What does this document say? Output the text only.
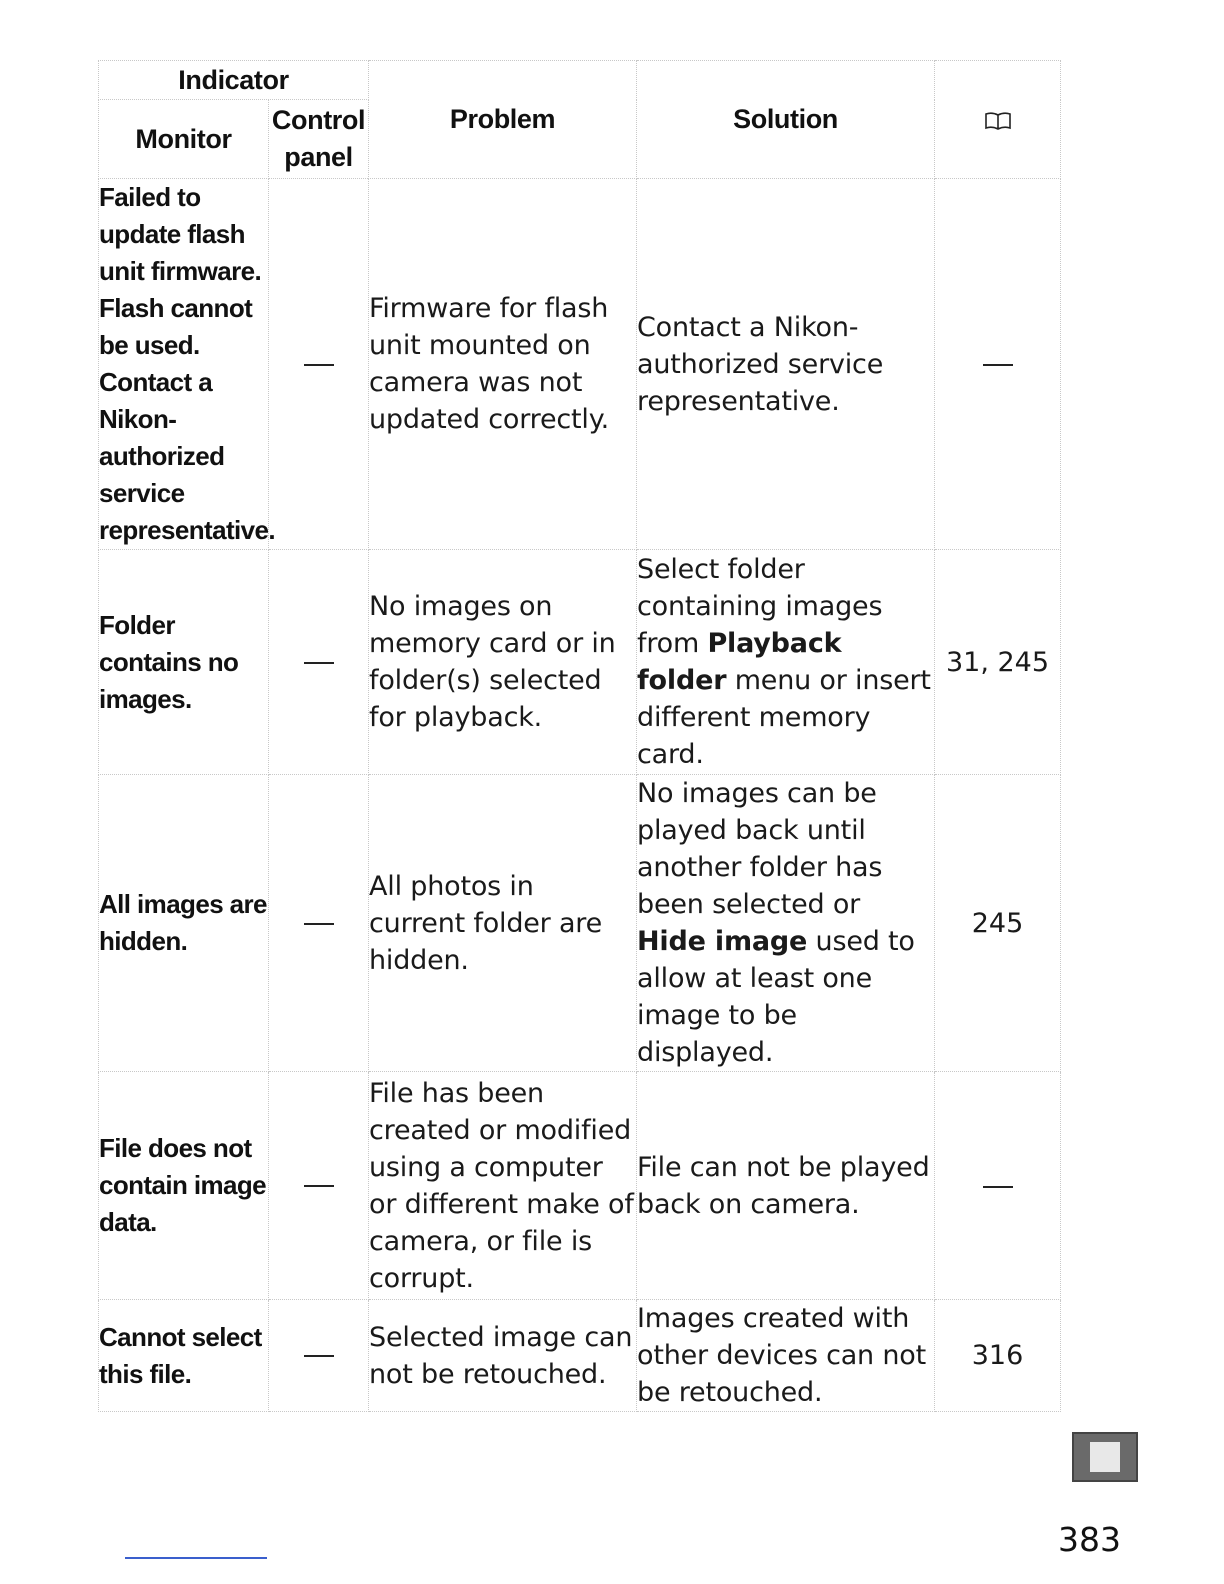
Indicator		Problem	Solution	
Monitor	Control
panel			
Failed to update flash unit firmware. Flash cannot be used. Contact a Nikon-authorized service representative.		Firmware for flash unit mounted on camera was not updated correctly.	Contact a Nikon-authorized service representative.	
Folder contains no images.		No images on memory card or in folder(s) selected for playback.	Select folder containing images from Playback folder menu or insert different memory card.	31, 245
All images are hidden.		All photos in current folder are hidden.	No images can be played back until another folder has been selected or Hide image used to allow at least one image to be displayed.	245
File does not contain image data.		File has been created or modified using a computer or different make of camera, or file is corrupt.	File can not be played back on camera.	
Cannot select this file.		Selected image can not be retouched.	Images created with other devices can not be retouched.	316
383
